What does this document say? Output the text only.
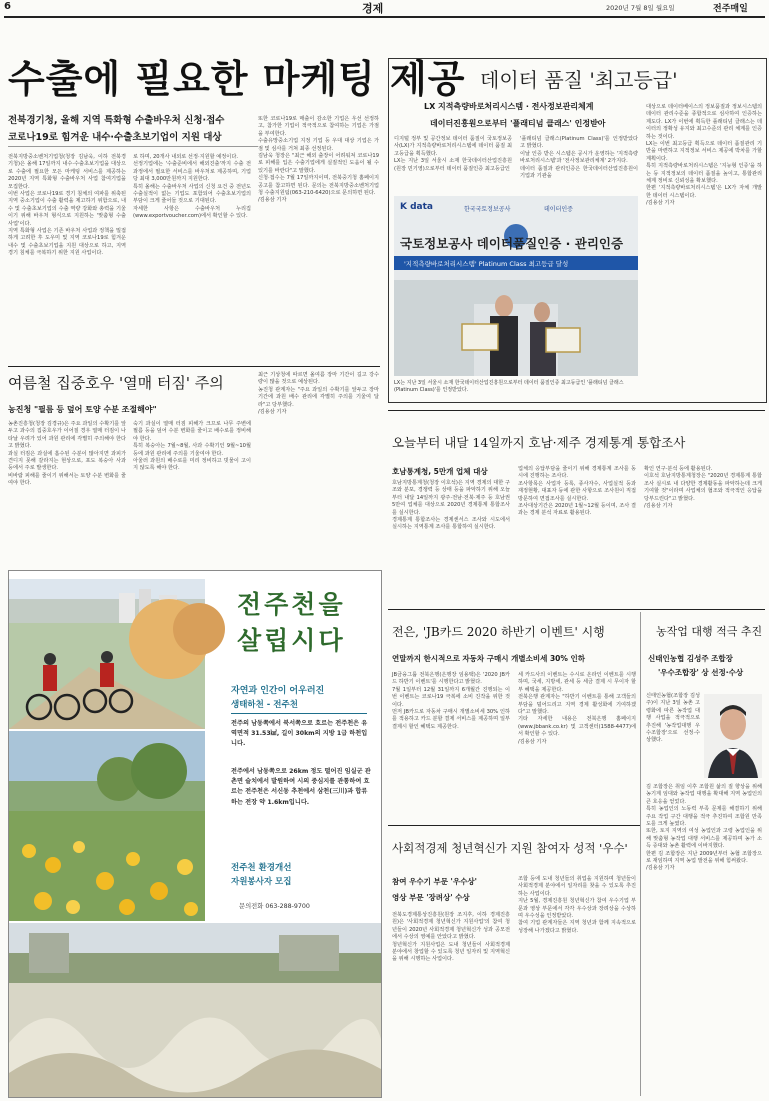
6	경제	2020년 7월 8일 월요일	전주매일
수출에 필요한 마케팅 제공
전북경기청, 올해 지역 특화형 수출바우처 신청·접수
코로나19로 힘겨운 내수·수출초보기업이 지원 대상
전북지방중소벤처기업청(청장 김남욱, 이하 전북경기청)은 올해 17일까지 내수·수출초보기업을 대상으로 수출에 필요한 모든 마케팅 서비스를 제공하는 2020년 지역 특화형 수출바우처 사업 참여기업을 모집한다.
이번 사업은 코로나19로 경기 침체의 여파를 위축된 지역 중소기업이 수출 활력을 제고하기 위함으로, 내수 및 수출초보기업의 수출 역량 강화와 총력을 기울이기 위해 바우처 형식으로 지원하는 '맞춤형 수출 사업'이다.
지역 특화형 사업은 기존 바우처 사업과 정책을 밀접하게 고려한 후 도우미 및 지역 코로나19로 힘겨운 내수 및 수출초보기업을 지원 대상으로 하고, 지역 경기 침체를 극복하기 위한 지원 사업이다.
로 하며, 20개사 내외로 선정·지원할 예정이다.
선정기업에는 '수출준비에서 해외진출'까지 수출 전 과정에서 필요한 서비스를 바우처로 제공하며, 기업당 최대 3,000만원까지 지원한다.
특히 올해는 수출바우처 사업의 신청 요건 중 전년도 수출실적이 없는 기업도 포함되어 수출초보기업의 부담이 크게 줄어들 것으로 기대된다.
자세한 사항은 수출바우처 누리집(www.exportvoucher.com)에서 확인할 수 있다.
또한 코로나19로 매출이 감소한 기업은 우선 선정하고, 참가한 기업이 적극적으로 참여하는 기업은 가점을 부여한다.
수출유망중소기업 지정 기업 등 우대 대상 기업은 가점 및 심사를 거쳐 최종 선정된다.
김남욱 청장은 "최근 해외 출장이 어려워져 코로나19로 피해를 입은 수출기업에게 실질적인 도움이 될 수 있기를 바란다"고 말했다.
신청·접수는 7월 17일까지이며, 전북중기청 홈페이지 공고를 참고하면 된다. 문의는 전북지방중소벤처기업청 수출지원팀(063-210-6420)으로 문의하면 된다.
/김용삼 기자
데이터 품질 '최고등급'
LX 지적측량바로처리시스템 · 전사정보관리체계
데이터진흥원으로부터 '플래티넘 클래스' 인정받아
디지털 정부 및 공간정보 데이터 품질이 국토정보공사(LX)가 지적측량바로처리시스템에 데이터 품질 최고등급을 획득했다.
LX는 지난 3일 서울시 소재 한국데이터산업진흥원(원장 민기영)으로부터 데이터 품질인증 최고등급인
'플래티넘 클래스(Platinum Class)'를 인정받았다고 밝혔다.
이날 인증 받은 시스템은 공시가 운영하는 '지적측량바로처리시스템'과 '전사정보관리체계' 2가지다.
데이터 품질과 관리인증은 한국데이터산업진흥원이 기업과 기관을
대상으로 데이터베이스의 정보품질과 정보시스템의 데이터 관리수준을 종합적으로 심사하여 인증하는 제도다. LX가 이번에 획득한 플래티넘 클래스는 데이터의 정확성 유지와 최고수준의 관리 체계를 인증하는 것이다.
LX는 이번 최고등급 획득으로 데이터 품질관리 기반을 마련하고 지적정보 서비스 제공에 박차를 가할 계획이다.
특히 지적측량바로처리시스템은 '지능형 인증'을 하는 등 지적정보의 데이터 품질을 높이고, 통합관리체계 정비로 신뢰성을 확보했다.
한편 '지적측량바로처리시스템'은 LX가 자체 개발한 데이터 시스템이다.
/김용삼 기자
K data	한국국토정보공사	데이터인증
국토정보공사 데이터품질인증 · 관리인증
'지적측량바로처리시스템' Platinum Class 최고등급 달성
LX는 지난 3일 서울시 소재 한국데이터산업진흥원으로부터 데이터 품질인증 최고등급인 '플래티넘 클래스(Platinum Class)'를 인정받았다.
여름철 집중호우 '열매 터짐' 주의
농진청 "필름 등 덮어 토양 수분 조절해야"
농촌진흥청(청장 김경규)은 주요 과일의 수확기를 앞두고 과수의 집중호우가 이어질 경우 열매 터짐이 나타날 우려가 있어 과원 관리에 각별히 주의해야 한다고 밝혔다.
과실 터짐은 과실에 흡수된 수분이 많아지면 과피가 견디지 못해 갈라지는 현상으로, 포도 복숭아 사과 등에서 주로 발생한다.
비바람 피해를 줄이기 위해서는 토양 수분 변화를 줄여야 한다.
숙기 과실이 열매 터짐 피해가 크므로 나무 주변에 필름 등을 덮어 수분 변화를 줄이고 배수로를 정비해야 한다.
특히 복숭아는 7월~8월, 사과 수확기인 9월~10월 등에 과원 관리에 주의를 기울여야 한다.
아울러 과원의 배수로를 미리 정비하고 빗물이 고이지 않도록 해야 한다.
최근 기상청에 따르면 올여름 장마 기간이 길고 강수량이 많을 것으로 예상된다.
농진청 관계자는 "주요 과일의 수확기를 앞두고 장마 기간에 과원 배수 관리에 각별히 주의를 기울여 달라"고 당부했다.
/김용삼 기자
오늘부터 내달 14일까지 호남·제주 경제통계 통합조사
호남통계청, 5만개 업체 대상
호남지방통계청(청장 이호석)은 지역 경제의 대한 구조와 분포, 경쟁력 등 상태 등을 파악하기 위해 오늘부터 내달 14일까지 광주·전남·전북·제주 등 호남권 5만여 업체를 대상으로 2020년 경제통계 통합조사를 실시한다.
경제통계 통합조사는 경제센서스 조사와 시도에서 실시하는 지역통계 조사를 통합하여 실시한다.
업체의 응답부담을 줄이기 위해 경제통계 조사를 동시에 진행하는 조사다.
조사항목은 사업자 등록, 종사자수, 사업실적 등과 재정현황, 대표자 등에 관한 사항으로 조사원이 직접 방문하여 면접조사를 실시한다.
조사대상기간은 2020년 1월~12월 등이며, 조사 결과는 경제 분석 자료로 활용된다.
확인 연구·분석 등에 활용된다.
이호석 호남지방통계청장은 "2020년 경제통계 통합조사 실시로 내 다양한 경제활동을 파악하는데 크게 기여할 것"이라며 사업체의 협조와 적극적인 응답을 당부드린다"고 밝혔다.
/김용삼 기자
전주천을
살립시다
자연과 인간이 어우러진
생태하천 - 전주천
전주의 남동쪽에서 북서쪽으로 흐르는 전주천은 유역면적 31.53㎢, 길이 30km의 지방 1급 하천입니다.
전주에서 남동쪽으로 26km 정도 떨어진 임실군 관촌면 슬치에서 발원하여 시의 중심지를 관통하여 흐르는 전주천은 서신동 추천에서 삼천(三川)과 합류하는 전장 약 1.6km입니다.
전주천 환경개선
자원봉사자 모집
문의전화 063-288-9700
전은, 'JB카드 2020 하반기 이벤트' 시행
연말까지 한시적으로 자동차 구매시 개별소비세 30% 인하
JB금융그룹 전북은행(은행장 임용택)은 '2020 JB카드 하반기 이벤트'를 시행한다고 밝혔다.
7월 1일부터 12월 31일까지 6개월간 진행되는 이번 이벤트는 코로나19 극복에 소비 진작을 위한 것이다.
먼저 JB카드로 자동차 구매시 개별소비세 30% 인하를 적용하고 카드 분할 결제 서비스를 제공하며 일부 결제시 할인 혜택도 제공한다.
세 카드사의 이벤트는 수시로 온라인 이벤트를 시행하며, 국세, 지방세, 관세 등 세금 결제 시 무이자 할부 혜택을 제공한다.
전북은행 관계자는 "하반기 이벤트를 통해 고객들의 부담을 덜어드리고 지역 경제 활성화에 기여하겠다"고 말했다.
기타 자세한 내용은 전북은행 홈페이지(www.jbbank.co.kr) 및 고객센터(1588-4477)에서 확인할 수 있다.
/김용삼 기자
농작업 대행 적극 추진
신태인농협 김성주 조합장
'우수조합장' 상 선정·수상
신태인농협(조합장 김성주)이 지난 3일 농촌 고령화에 따른 농작업 대행 사업을 적극적으로 추진해 '농작업대행 우수조합장'으로 선정·수상했다.
김 조합장은 취임 이후 조합원 삶의 질 향상을 위해 농기계 임대와 농작업 대행을 확대해 지역 농업인의 큰 호응을 얻었다.
특히 농업인의 노동력 부족 문제를 해결하기 위해 주요 작업 구간 대행을 적극 추진하여 조합원 만족도를 크게 높였다.
또한, 토지 지역의 여성 농업인과 고령 농업인을 위해 맞춤형 농작업 대행 서비스를 제공하며 농가 소득 증대와 농촌 활력에 이바지했다.
한편 김 조합장은 지난 2009년부터 농협 조합장으로 재임하며 지역 농업 발전을 위해 힘써왔다.
/김용삼 기자
사회적경제 청년혁신가 지원 참여자 성적 '우수'
참여 우수기 부문 '우수상'
영상 부문 '장려상' 수상
전북도경제통상진흥원(원장 조지후, 이하 경제진흥원)은 '사회적경제 청년혁신가 지원사업'의 참여 청년들이 2020년 사회적경제 청년혁신가 성과 공모전에서 수상의 영예를 안았다고 밝혔다.
청년혁신가 지원사업은 도내 청년들이 사회적경제 분야에서 창업할 수 있도록 청년 일자리 및 지역혁신을 위해 시행하는 사업이다.
조합 등에 도내 청년들의 취업을 지원하며 청년들이 사회적경제 분야에서 일자리를 찾을 수 있도록 추진하는 사업이다.
지난 5월, 경제진흥원 청년혁신가 참여 우수기업 부문과 영상 부문에서 각각 우수상과 장려상을 수상하며 우수성을 인정받았다.
참여 기업 관계자들은 지역 청년과 함께 지속적으로 성장해 나가겠다고 밝혔다.
